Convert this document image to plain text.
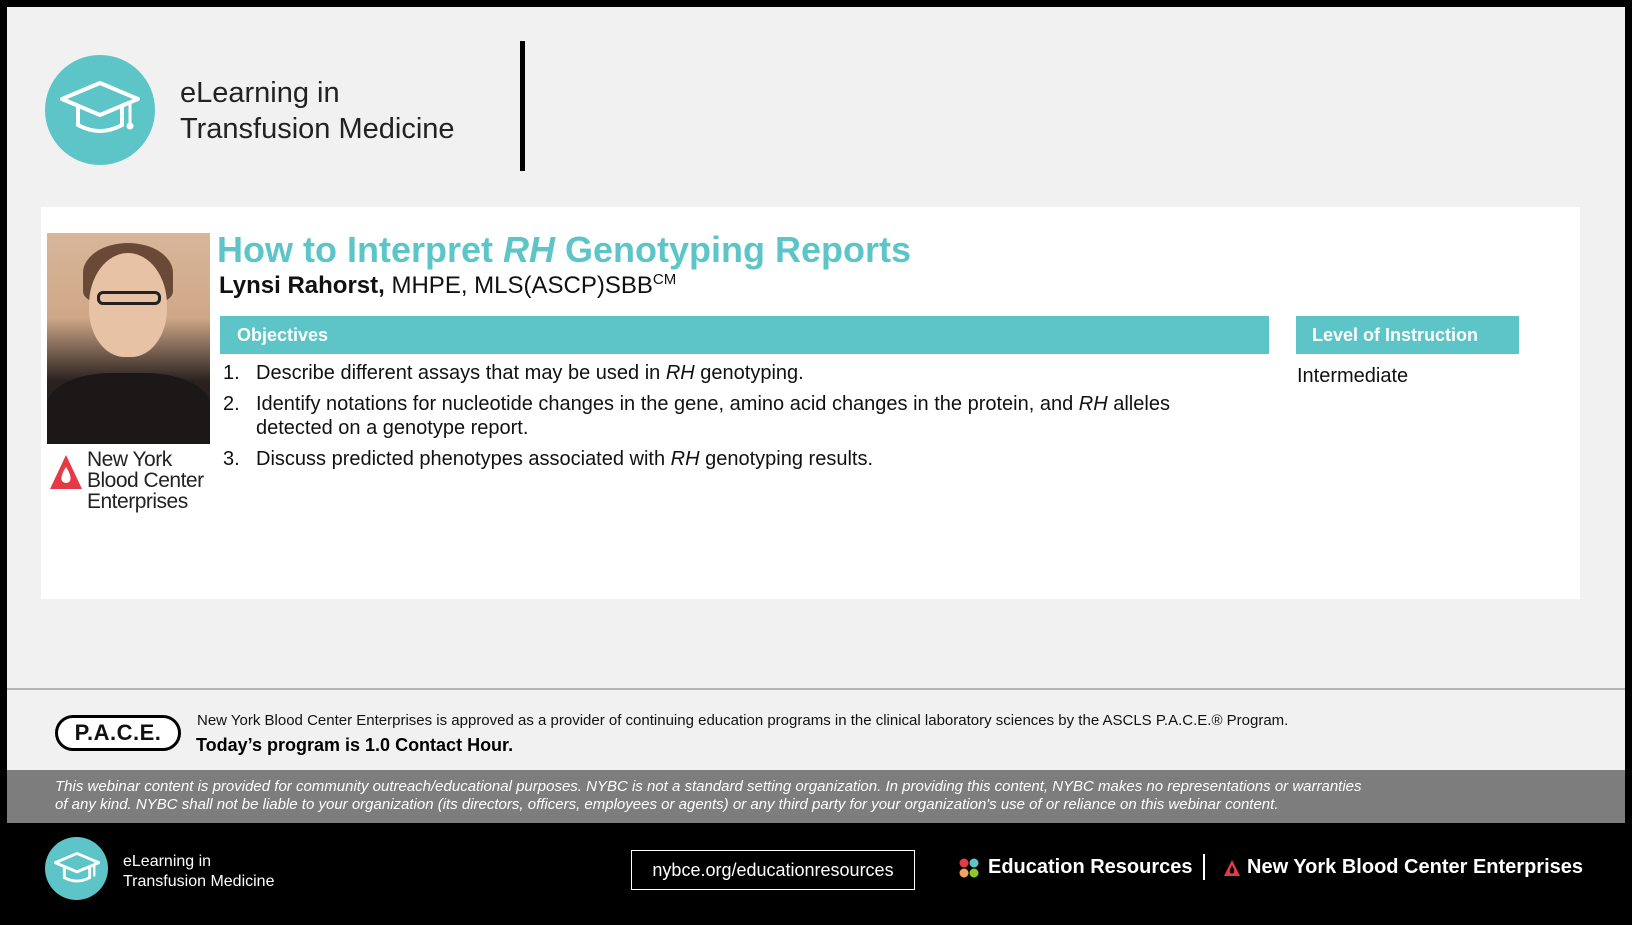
eLearning in
Transfusion Medicine
New York
Blood Center
Enterprises
How to Interpret RH Genotyping Reports
Lynsi Rahorst, MHPE, $MLS(ASCP)SBB^{CM}$
Objectives	Level of Instruction
Intermediate
1. Describe different assays that may be used in RH genotyping.
2. Identify notations for nucleotide changes in the gene, amino acid changes in the protein, and RH alleles detected on a genotype report.
3. Discuss predicted phenotypes associated with RH genotyping results.
P.A.C.E.	New York Blood Center Enterprises is approved as a provider of continuing education programs in the clinical laboratory sciences by the ASCLS P.A.C.E.® Program.
Today’s program is 1.0 Contact Hour.

This webinar content is provided for community outreach/educational purposes. NYBC is not a standard setting organization. In providing this content, NYBC makes no representations or warranties

of any kind. NYBC shall not be liable to your organization (its directors, officers, employees or agents) or any third party for your organization's use of or reliance on this webinar content.

eLearning in
Transfusion Medicine
nybce.org/educationresources	Education Resources	New York Blood Center Enterprises
